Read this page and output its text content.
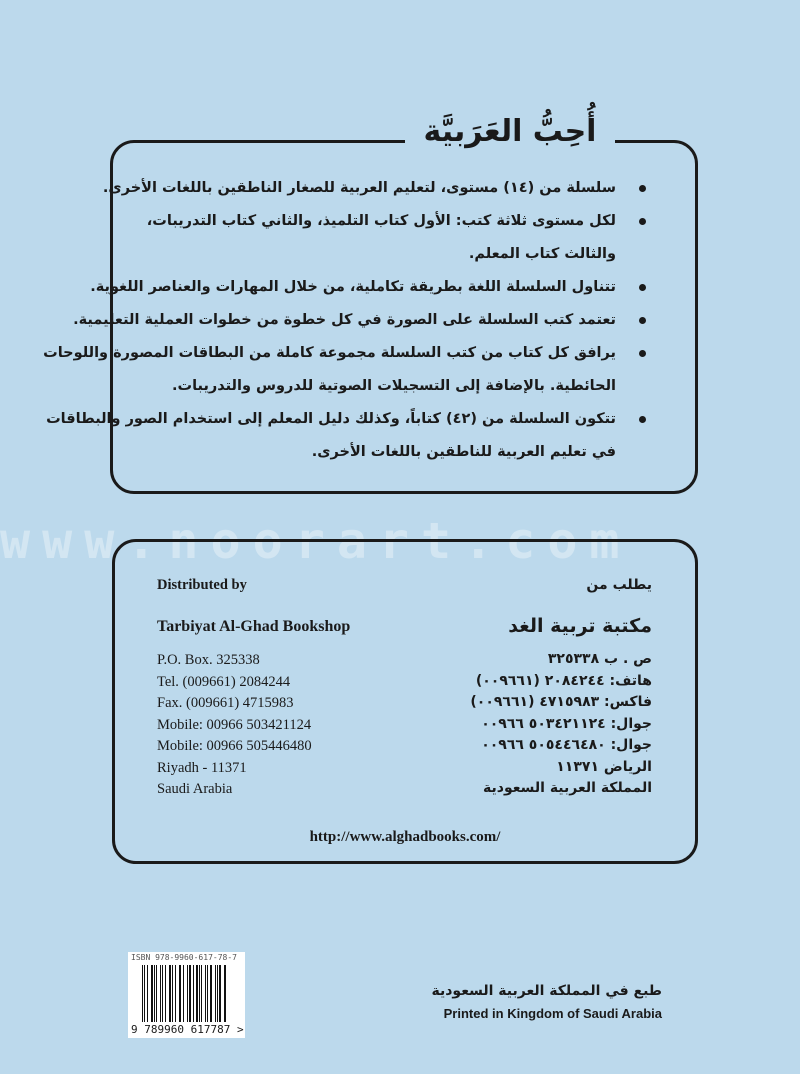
www.noorart.com
أُحِبُّ العَرَبيَّة
سلسلة من (١٤) مستوى، لتعليم العربية للصغار الناطقين باللغات الأخرى.
لكل مستوى ثلاثة كتب: الأول كتاب التلميذ، والثاني كتاب التدريبات،
والثالث كتاب المعلم.
تتناول السلسلة اللغة بطريقة تكاملية، من خلال المهارات والعناصر اللغوية.
تعتمد كتب السلسلة على الصورة في كل خطوة من خطوات العملية التعليمية.
يرافق كل كتاب من كتب السلسلة مجموعة كاملة من البطاقات المصورة واللوحات
الحائطية. بالإضافة إلى التسجيلات الصوتية للدروس والتدريبات.
تتكون السلسلة من (٤٢) كتاباً، وكذلك دليل المعلم إلى استخدام الصور والبطاقات
في تعليم العربية للناطقين باللغات الأخرى.
Distributed by
Tarbiyat Al-Ghad Bookshop
P.O. Box. 325338
Tel. (009661) 2084244
Fax. (009661) 4715983
Mobile: 00966 503421124
Mobile: 00966 505446480
Riyadh - 11371
Saudi Arabia
يطلب من
مكتبة تربية الغد
ص . ب ٣٢٥٣٣٨
هاتف: ٢٠٨٤٢٤٤ (٠٠٩٦٦١)
فاكس: ٤٧١٥٩٨٣ (٠٠٩٦٦١)
جوال: ٥٠٣٤٢١١٢٤ ٠٠٩٦٦
جوال: ٥٠٥٤٤٦٤٨٠ ٠٠٩٦٦
الرياض ١١٣٧١
المملكة العربية السعودية
http://www.alghadbooks.com/
ISBN 978-9960-617-78-7
9 789960 617787 >
طبع في المملكة العربية السعودية
Printed in Kingdom of Saudi Arabia
